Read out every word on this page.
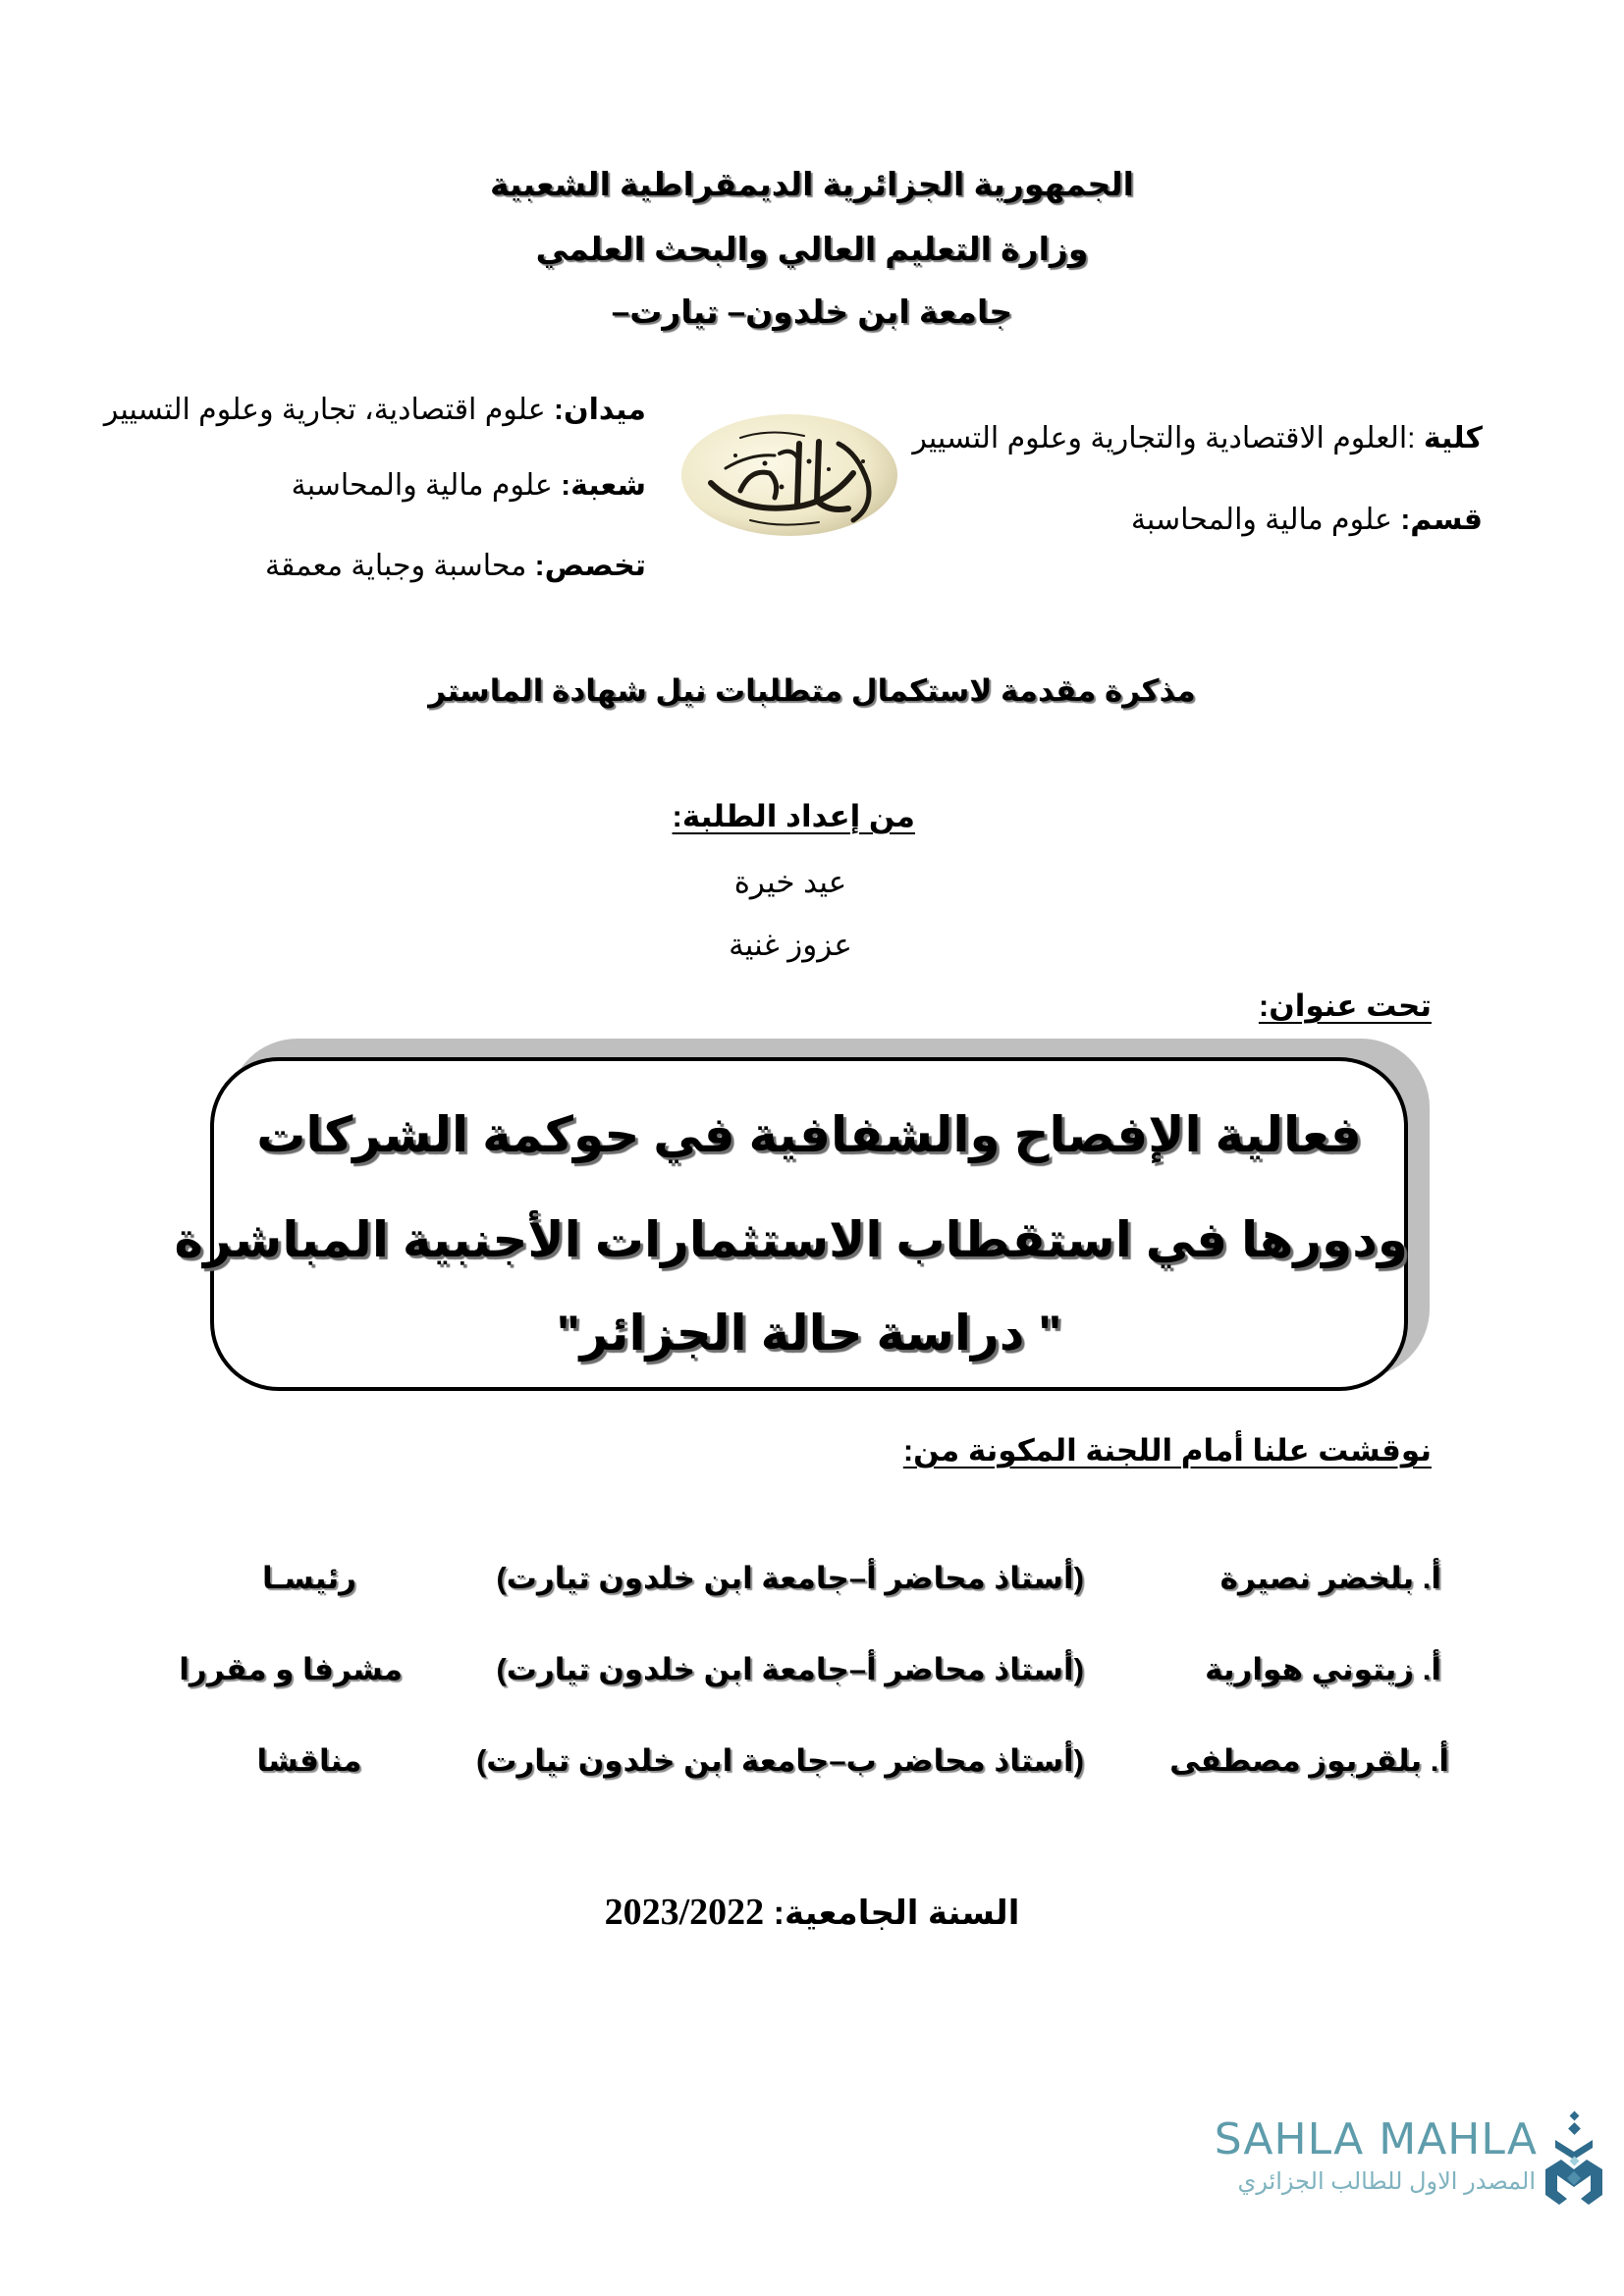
الجمهورية الجزائرية الديمقراطية الشعبية
وزارة التعليم العالي والبحث العلمي
جامعة ابن خلدون– تيارت–
ميدان: علوم اقتصادية، تجارية وعلوم التسيير
شعبة: علوم مالية والمحاسبة
تخصص: محاسبة وجباية معمقة
كلية :العلوم الاقتصادية والتجارية وعلوم التسيير
قسم: علوم مالية والمحاسبة
مذكرة مقدمة لاستكمال متطلبات نيل شهادة الماستر
من إعداد الطلبة:
عيد خيرة
عزوز غنية
تحت عنوان:
فعالية الإفصاح والشفافية في حوكمة الشركات
ودورها في استقطاب الاستثمارات الأجنبية المباشرة
" دراسة حالة الجزائر"
نوقشت علنا أمام اللجنة المكونة من:
أ. بلخضر نصيرة
(أستاذ محاضر أ–جامعة ابن خلدون تيارت)
رئيسـا
أ. زيتوني هوارية
(أستاذ محاضر أ–جامعة ابن خلدون تيارت)
مشرفا و مقررا
أ. بلقربوز مصطفى
(أستاذ محاضر ب–جامعة ابن خلدون تيارت)
مناقشا
السنة الجامعية: 2023/2022
SAHLA MAHLA
المصدر الاول للطالب الجزائري
